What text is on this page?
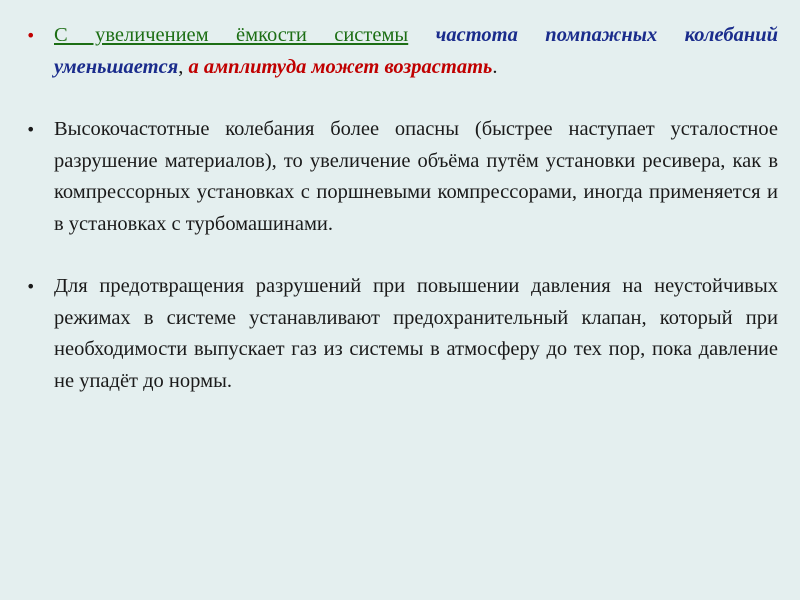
• С увеличением ёмкости системы частота помпажных колебаний уменьшается, а амплитуда может возрастать.
• Высокочастотные колебания более опасны (быстрее наступает усталостное разрушение материалов), то увеличение объёма путём установки ресивера, как в компрессорных установках с поршневыми компрессорами, иногда применяется и в установках с турбомашинами.
• Для предотвращения разрушений при повышении давления на неустойчивых режимах в системе устанавливают предохранительный клапан, который при необходимости выпускает газ из системы в атмосферу до тех пор, пока давление не упадёт до нормы.
